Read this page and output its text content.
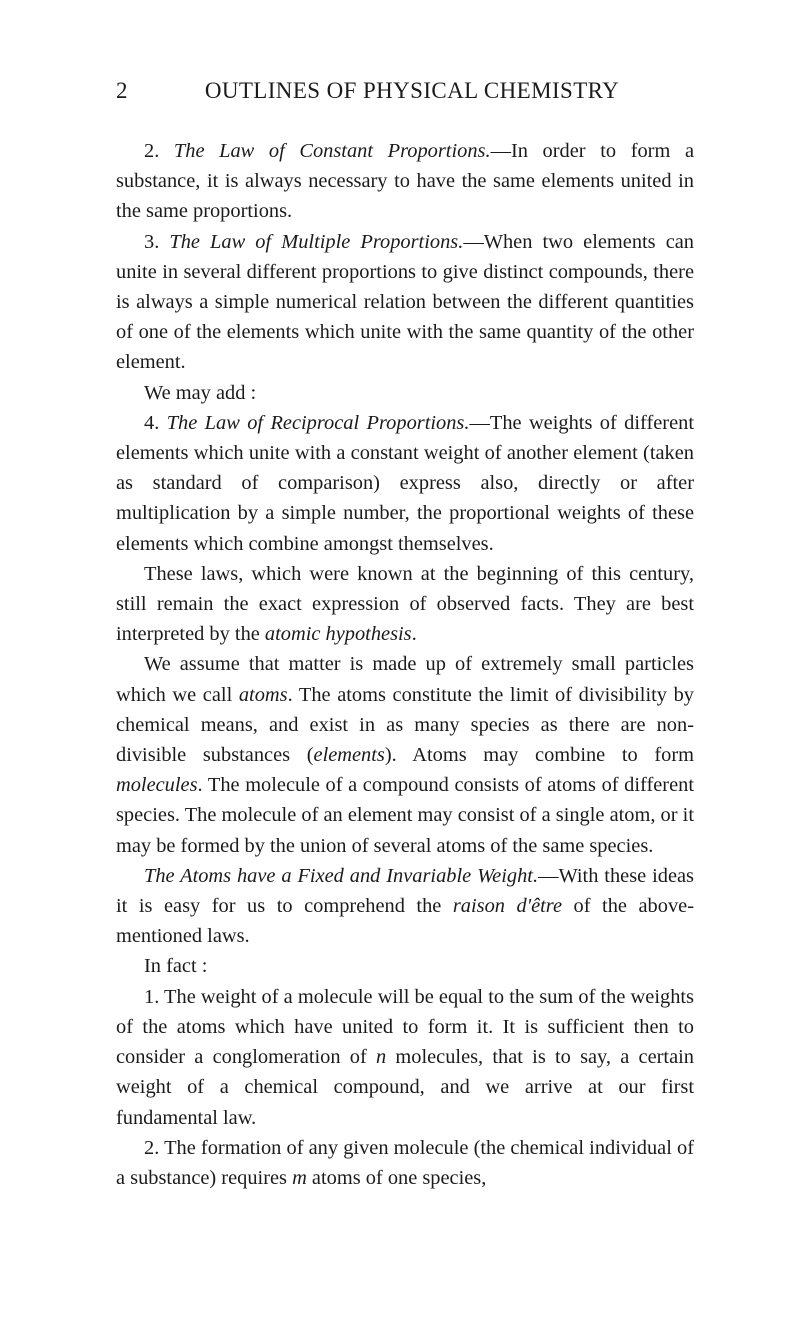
2	OUTLINES OF PHYSICAL CHEMISTRY

2. The Law of Constant Proportions.—In order to form a substance, it is always necessary to have the same elements united in the same proportions.

3. The Law of Multiple Proportions.—When two elements can unite in several different proportions to give distinct compounds, there is always a simple numerical relation between the different quantities of one of the elements which unite with the same quantity of the other element.

We may add :

4. The Law of Reciprocal Proportions.—The weights of different elements which unite with a constant weight of another element (taken as standard of comparison) express also, directly or after multiplication by a simple number, the proportional weights of these elements which combine amongst themselves.

These laws, which were known at the beginning of this century, still remain the exact expression of observed facts. They are best interpreted by the atomic hypothesis.

We assume that matter is made up of extremely small particles which we call atoms. The atoms constitute the limit of divisibility by chemical means, and exist in as many species as there are non-divisible substances (elements). Atoms may combine to form molecules. The molecule of a compound consists of atoms of different species. The molecule of an element may consist of a single atom, or it may be formed by the union of several atoms of the same species.

The Atoms have a Fixed and Invariable Weight.—With these ideas it is easy for us to comprehend the raison d'être of the above-mentioned laws.

In fact :

1. The weight of a molecule will be equal to the sum of the weights of the atoms which have united to form it. It is sufficient then to consider a conglomeration of n molecules, that is to say, a certain weight of a chemical compound, and we arrive at our first fundamental law.

2. The formation of any given molecule (the chemical individual of a substance) requires m atoms of one species,
